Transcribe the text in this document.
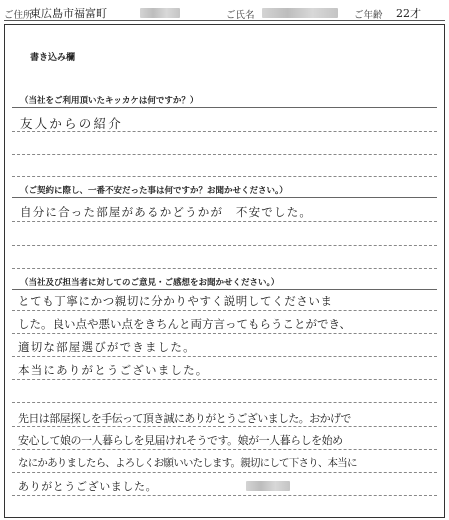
ご住所
東広島市福富町	ご氏名	ご年齢 22才
書き込み欄
（当社をご利用頂いたキッカケは何ですか？）
友人からの紹介
（ご契約に際し、一番不安だった事は何ですか？お聞かせください。）
自分に合った部屋があるかどうかが　不安でした。
（当社及び担当者に対してのご意見・ご感想をお聞かせください。）
とても丁寧にかつ親切に分かりやすく説明してくださいま
した。良い点や悪い点をきちんと両方言ってもらうことができ、
適切な部屋選びができました。
本当にありがとうございました。
先日は部屋探しを手伝って頂き誠にありがとうございました。おかげで
安心して娘の一人暮らしを見届けれそうです。娘が一人暮らしを始め
なにかありましたら、よろしくお願いいたします。親切にして下さり、本当に
ありがとうございました。
